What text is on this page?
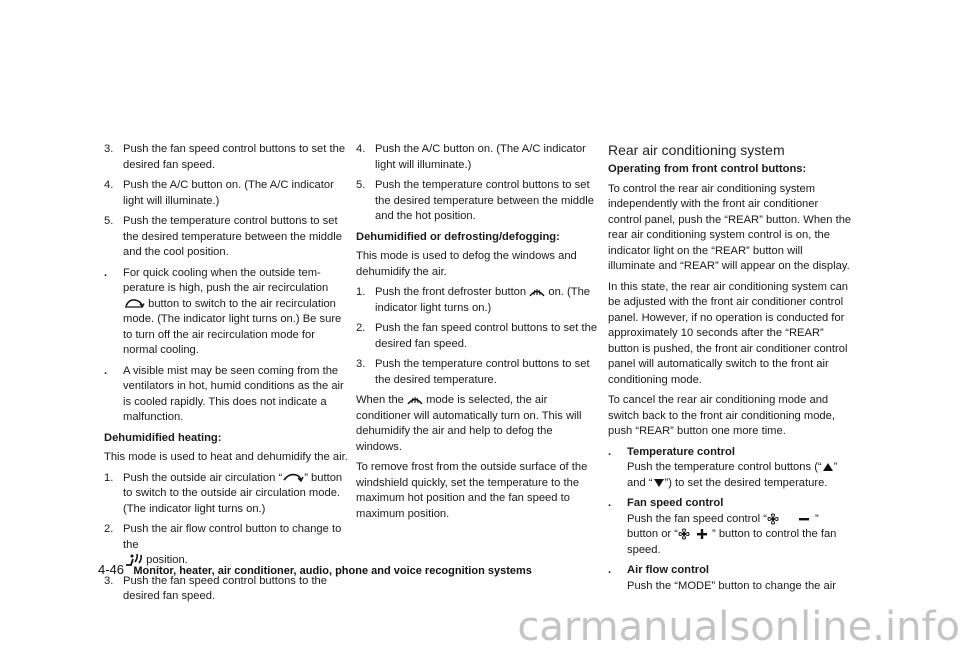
3. Push the fan speed control buttons to set the desired fan speed.
4. Push the A/C button on. (The A/C indicator light will illuminate.)
5. Push the temperature control buttons to set the desired temperature between the middle and the cool position.
.	For quick cooling when the outside tem-perature is high, push the air recirculation  button to switch to the air recirculation mode. (The indicator light turns on.) Be sure to turn off the air recirculation mode for normal cooling.
.	A visible mist may be seen coming from the ventilators in hot, humid conditions as the air is cooled rapidly. This does not indicate a malfunction.
Dehumidified heating:
This mode is used to heat and dehumidify the air.
1. Push the outside air circulation “ ” button to switch to the outside air circulation mode. (The indicator light turns on.)
2. Push the air flow control button to change to the
position.
3. Push the fan speed control buttons to the desired fan speed.
4. Push the A/C button on. (The A/C indicator light will illuminate.)
5. Push the temperature control buttons to set the desired temperature between the middle and the hot position.
Dehumidified or defrosting/defogging:
This mode is used to defog the windows and dehumidify the air.
1. Push the front defroster button on. (The indicator light turns on.)
2. Push the fan speed control buttons to set the desired fan speed.
3. Push the temperature control buttons to set the desired temperature.
When the mode is selected, the air conditioner will automatically turn on. This will dehumidify the air and help to defog the windows.
To remove frost from the outside surface of the windshield quickly, set the temperature to the maximum hot position and the fan speed to maximum position.
Rear air conditioning system
Operating from front control buttons:
To control the rear air conditioning system independently with the front air conditioner control panel, push the “REAR” button. When the rear air conditioning system control is on, the indicator light on the “REAR” button will illuminate and “REAR” will appear on the display.
In this state, the rear air conditioning system can be adjusted with the front air conditioner control panel. However, if no operation is conducted for approximately 10 seconds after the “REAR” button is pushed, the front air conditioner control panel will automatically switch to the front air conditioning mode.
To cancel the rear air conditioning mode and switch back to the front air conditioning mode, push “REAR” button one more time.
.	Temperature control
Push the temperature control buttons (“ ” and “ ”) to set the desired temperature.
.	Fan speed control
Push the fan speed control “	” button or “	” button to control the fan speed.
.	Air flow control
Push the “MODE” button to change the air
4-46 Monitor, heater, air conditioner, audio, phone and voice recognition systems
carmanualsonline.info
